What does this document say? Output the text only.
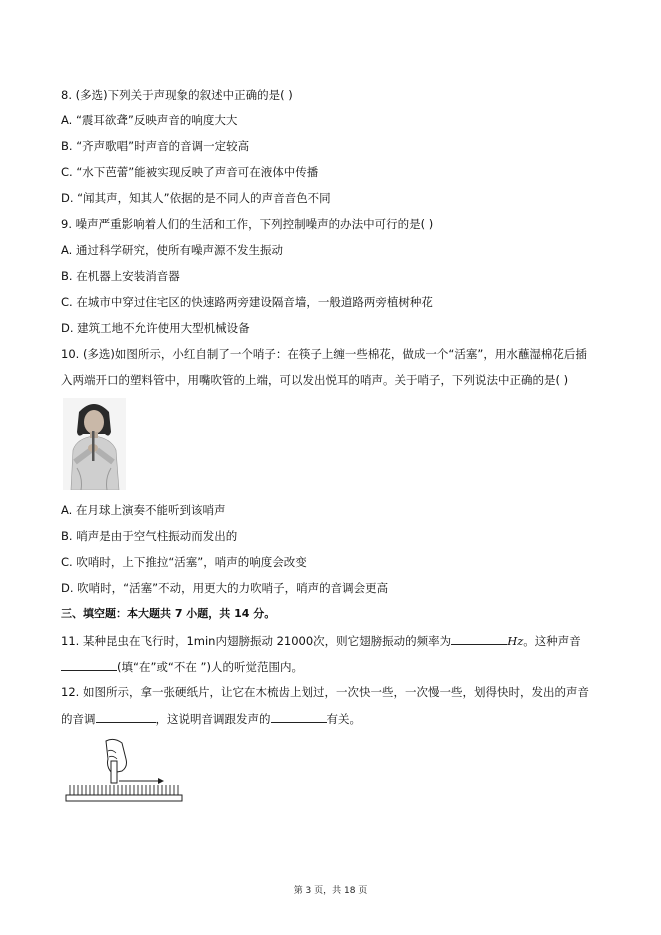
8. (多选)下列关于声现象的叙述中正确的是( )
A. “震耳欲聋”反映声音的响度大大
B. “齐声歌唱”时声音的音调一定较高
C. “水下芭蕾”能被实现反映了声音可在液体中传播
D. “闻其声，知其人”依据的是不同人的声音音色不同
9. 噪声严重影响着人们的生活和工作，下列控制噪声的办法中可行的是( )
A. 通过科学研究，使所有噪声源不发生振动
B. 在机器上安装消音器
C. 在城市中穿过住宅区的快速路两旁建设隔音墙，一般道路两旁植树种花
D. 建筑工地不允许使用大型机械设备
10. (多选)如图所示，小红自制了一个哨子：在筷子上缠一些棉花，做成一个“活塞”，用水蘸湿棉花后插
入两端开口的塑料管中，用嘴吹管的上端，可以发出悦耳的哨声。关于哨子，下列说法中正确的是( )
A. 在月球上演奏不能听到该哨声
B. 哨声是由于空气柱振动而发出的
C. 吹哨时，上下推拉“活塞”，哨声的响度会改变
D. 吹哨时，“活塞”不动，用更大的力吹哨子，哨声的音调会更高
三、填空题：本大题共 7 小题，共 14 分。
11. 某种昆虫在飞行时，1min内翅膀振动 21000次，则它翅膀振动的频率为	Hz。这种声音
(填“在”或“不在 ”)人的听觉范围内。
12. 如图所示，拿一张硬纸片，让它在木梳齿上划过，一次快一些，一次慢一些，划得快时，发出的声音
的音调	，这说明音调跟发声的	有关。
第 3 页，共 18 页
